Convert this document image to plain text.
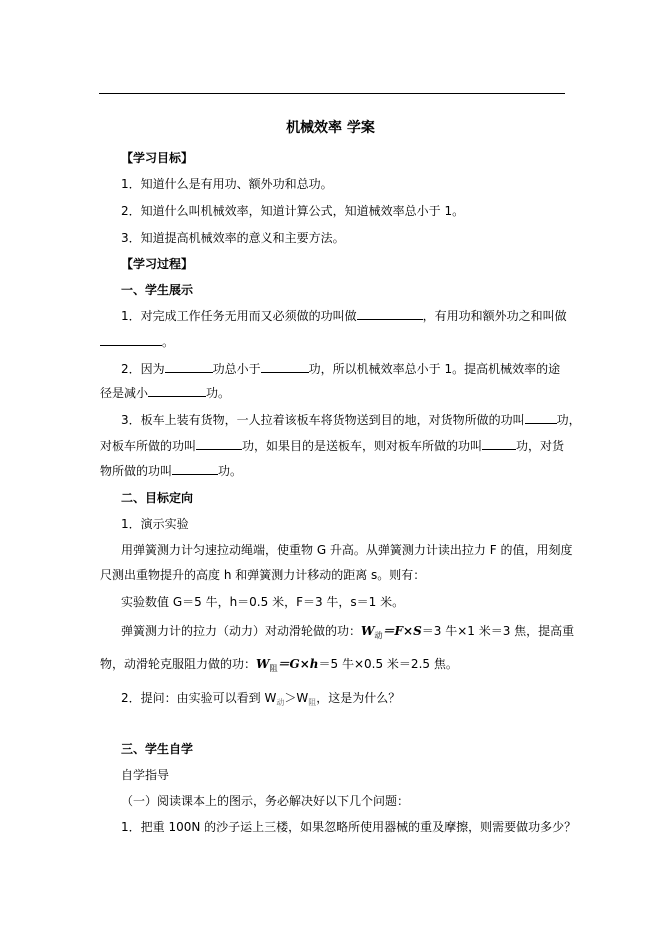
机械效率 学案
【学习目标】
1．知道什么是有用功、额外功和总功。
2．知道什么叫机械效率，知道计算公式，知道械效率总小于 1。
3．知道提高机械效率的意义和主要方法。
【学习过程】
一、学生展示
1．对完成工作任务无用而又必须做的功叫做	，有用功和额外功之和叫做
。
2．因为	功总小于	功，所以机械效率总小于 1。提高机械效率的途
径是减小	功。
3．板车上装有货物，一人拉着该板车将货物送到目的地，对货物所做的功叫	功，
对板车所做的功叫	功，如果目的是送板车，则对板车所做的功叫	功，对货
物所做的功叫	功。
二、目标定向
1．演示实验
用弹簧测力计匀速拉动绳端，使重物 G 升高。从弹簧测力计读出拉力 F 的值，用刻度
尺测出重物提升的高度 h 和弹簧测力计移动的距离 s。则有：
实验数值 G＝5 牛，h＝0.5 米，F＝3 牛，s＝1 米。
弹簧测力计的拉力（动力）对动滑轮做的功：$W_动=F\times S=3$ 牛×1 米＝3 焦，提高重
物，动滑轮克服阻力做的功：$W_阻=G\times h=5$ 牛×0.5 米＝2.5 焦。
2．提问：由实验可以看到 $W_动>W_阻$，这是为什么？
三、学生自学
自学指导
（一）阅读课本上的图示，务必解决好以下几个问题：
1．把重 100N 的沙子运上三楼，如果忽略所使用器械的重及摩擦，则需要做功多少？
